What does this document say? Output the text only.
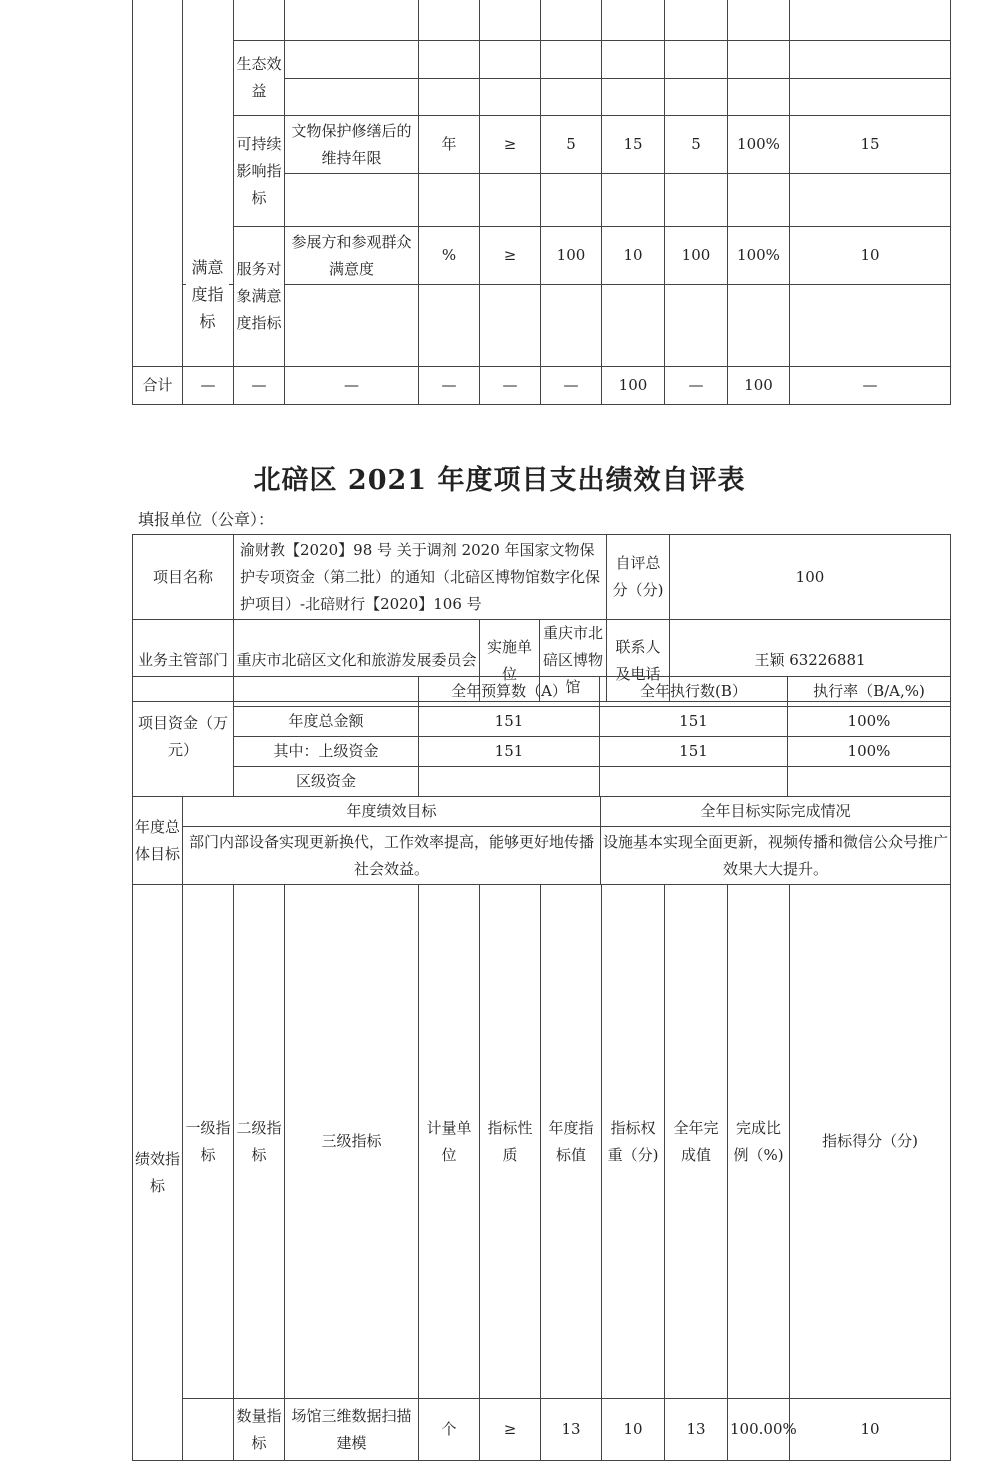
		生态效益									

		可持续影响指标	文物保护修缮后的维持年限	年	≥	5	15	5	100%	15	

		服务对象满意度指标	参展方和参观群众满意度	%	≥	100	10	100	100%	10	

满意度指标
合计	—	—	—	—	—	—	100	—	100	—
北碚区 2021 年度项目支出绩效自评表
填报单位（公章）：
项目名称	渝财教【2020】98 号 关于调剂 2020 年国家文物保护专项资金（第二批）的通知（北碚区博物馆数字化保护项目）-北碚财行【2020】106 号			自评总分（分)	100
业务主管部门	重庆市北碚区文化和旅游发展委员会	实施单位	重庆市北碚区博物馆	联系人及电话	王颖 63226881
项目资金（万元）		全年预算数（A）	全年执行数(B）	执行率（B/A,%)
	年度总金额	151	151	100%
	其中：上级资金	151	151	100%
	区级资金			
年度总体目标	年度绩效目标	全年目标实际完成情况
	部门内部设备实现更新换代，工作效率提高，能够更好地传播社会效益。	设施基本实现全面更新，视频传播和微信公众号推广效果大大提升。
绩效指标	一级指标	二级指标	三级指标	计量单位	指标性质	年度指标值	指标权重（分)	全年完成值	完成比例（%)	指标得分（分)	
		数量指标	场馆三维数据扫描建模	个	≥	13	10	13	100.00%	10	
